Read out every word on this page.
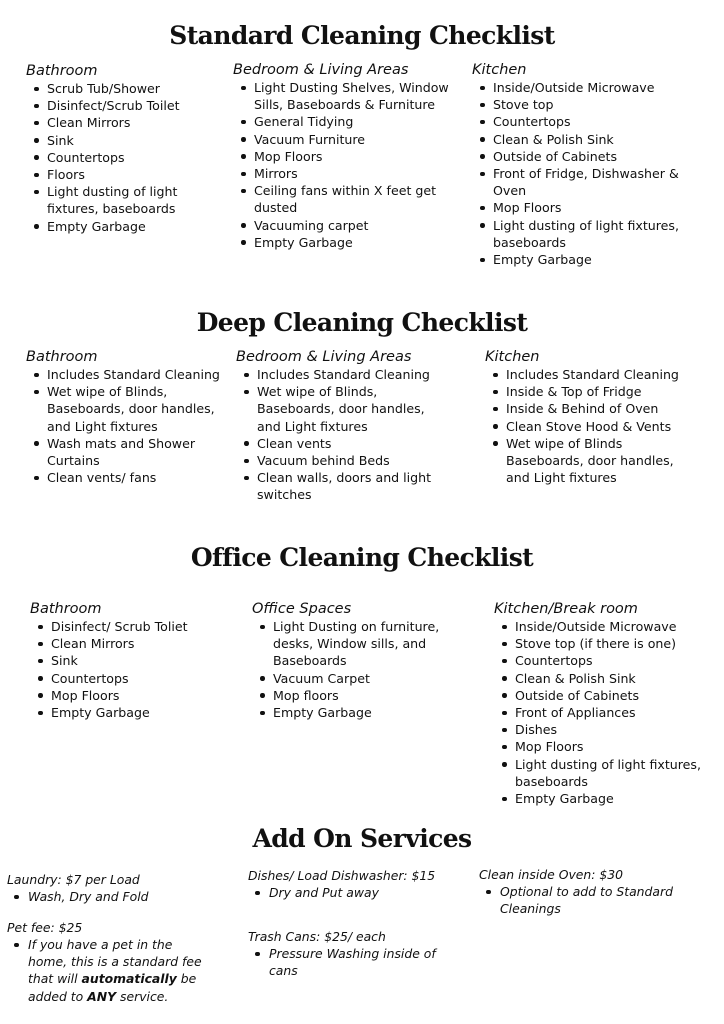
Standard Cleaning Checklist

Bathroom

Scrub Tub/Shower
Disinfect/Scrub Toilet
Clean Mirrors
Sink
Countertops
Floors
Light dusting of light fixtures, baseboards
Empty Garbage

Bedroom & Living Areas

Light Dusting Shelves, Window Sills, Baseboards & Furniture
General Tidying
Vacuum Furniture
Mop Floors
Mirrors
Ceiling fans within X feet get dusted
Vacuuming carpet
Empty Garbage

Kitchen

Inside/Outside Microwave
Stove top
Countertops
Clean & Polish Sink
Outside of Cabinets
Front of Fridge, Dishwasher & Oven
Mop Floors
Light dusting of light fixtures, baseboards
Empty Garbage
Deep Cleaning Checklist

Bathroom

Includes Standard Cleaning
Wet wipe of Blinds, Baseboards, door handles, and Light fixtures
Wash mats and Shower Curtains
Clean vents/ fans

Bedroom & Living Areas

Includes Standard Cleaning
Wet wipe of Blinds, Baseboards, door handles, and Light fixtures
Clean vents
Vacuum behind Beds
Clean walls, doors and light switches

Kitchen

Includes Standard Cleaning
Inside & Top of Fridge
Inside & Behind of Oven
Clean Stove Hood & Vents
Wet wipe of Blinds Baseboards, door handles, and Light fixtures
Office Cleaning Checklist

Bathroom

Disinfect/ Scrub Toliet
Clean Mirrors
Sink
Countertops
Mop Floors
Empty Garbage

Office Spaces

Light Dusting on furniture, desks, Window sills, and Baseboards
Vacuum Carpet
Mop floors
Empty Garbage

Kitchen/Break room

Inside/Outside Microwave
Stove top (if there is one)
Countertops
Clean & Polish Sink
Outside of Cabinets
Front of Appliances
Dishes
Mop Floors
Light dusting of light fixtures, baseboards
Empty Garbage
Add On Services

Laundry: $7 per Load

Wash, Dry and Fold

Pet fee: $25

If you have a pet in the home, this is a standard fee that will automatically be added to ANY service.

Dishes/ Load Dishwasher: $15

Dry and Put away

Trash Cans: $25/ each

Pressure Washing inside of cans

Clean inside Oven: $30

Optional to add to Standard Cleanings
